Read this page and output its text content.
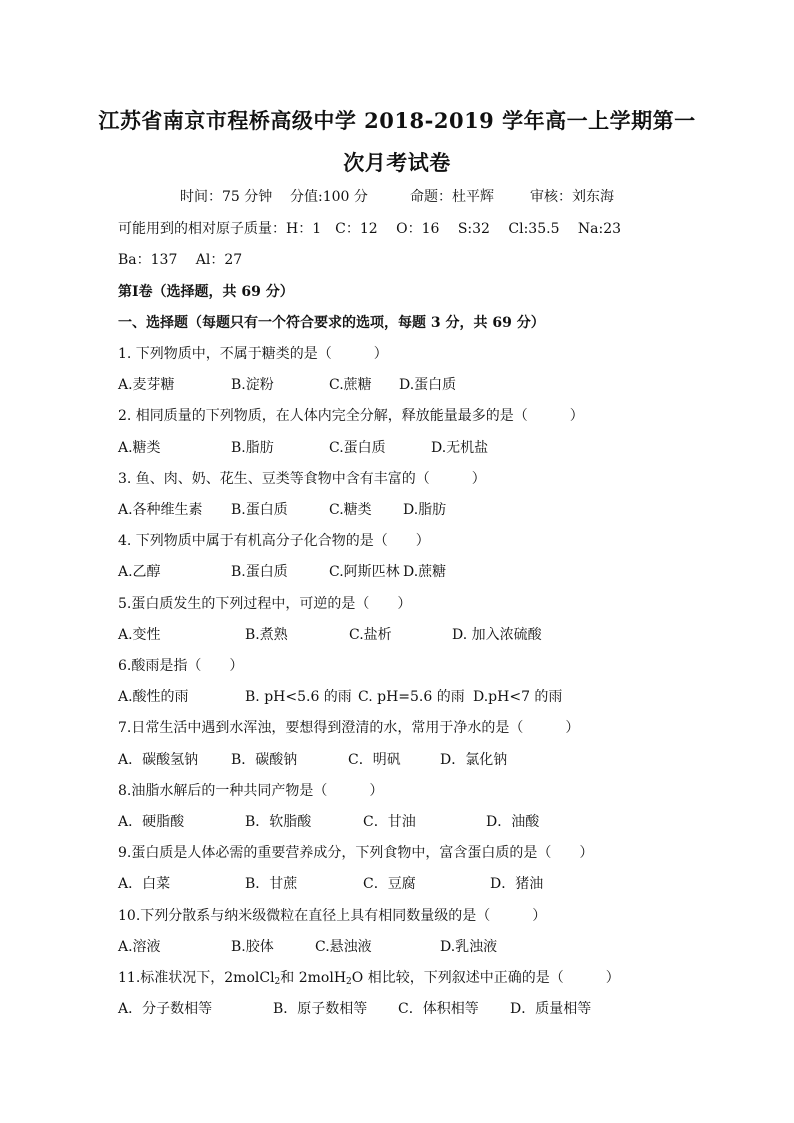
江苏省南京市程桥高级中学 2018-2019 学年高一上学期第一
次月考试卷
时间：75 分钟 分值:100 分	命题：杜平辉	审核：刘东海
可能用到的相对原子质量：H：1　C：12　 O：16　 S:32　 Cl:35.5　 Na:23
Ba：137　 Al：27
第Ⅰ卷（选择题，共 69 分）
一、选择题（每题只有一个符合要求的选项，每题 3 分，共 69 分）
1. 下列物质中，不属于糖类的是（　　　）
A.麦芽糖	B.淀粉	C.蔗糖 D.蛋白质
2. 相同质量的下列物质，在人体内完全分解，释放能量最多的是（　　　）
A.糖类	B.脂肪	C.蛋白质	D.无机盐
3. 鱼、肉、奶、花生、豆类等食物中含有丰富的（　　　）
A.各种维生素 B.蛋白质	C.糖类 D.脂肪
4. 下列物质中属于有机高分子化合物的是（　　）
A.乙醇	B.蛋白质	C.阿斯匹林 D.蔗糖
5.蛋白质发生的下列过程中，可逆的是（　　）
A.变性	B.煮熟	C.盐析	D. 加入浓硫酸
6.酸雨是指（　　）
A.酸性的雨	B. pH<5.6 的雨 C. pH=5.6 的雨 D.pH<7 的雨
7.日常生活中遇到水浑浊，要想得到澄清的水，常用于净水的是（　　　）
A．碳酸氢钠 B．碳酸钠	C．明矾	D．氯化钠
8.油脂水解后的一种共同产物是（　　　）
A．硬脂酸	B．软脂酸	C．甘油	D．油酸
9.蛋白质是人体必需的重要营养成分，下列食物中，富含蛋白质的是（　　）
A．白菜	B．甘蔗	C．豆腐	D．猪油
10.下列分散系与纳米级微粒在直径上具有相同数量级的是（　　　）
A.溶液	B.胶体	C.悬浊液	D.乳浊液
11.标准状况下，2molCl$_2$和 2molH$_2$O 相比较，下列叙述中正确的是（　　　）
A．分子数相等	B．原子数相等 C．体积相等 D．质量相等
